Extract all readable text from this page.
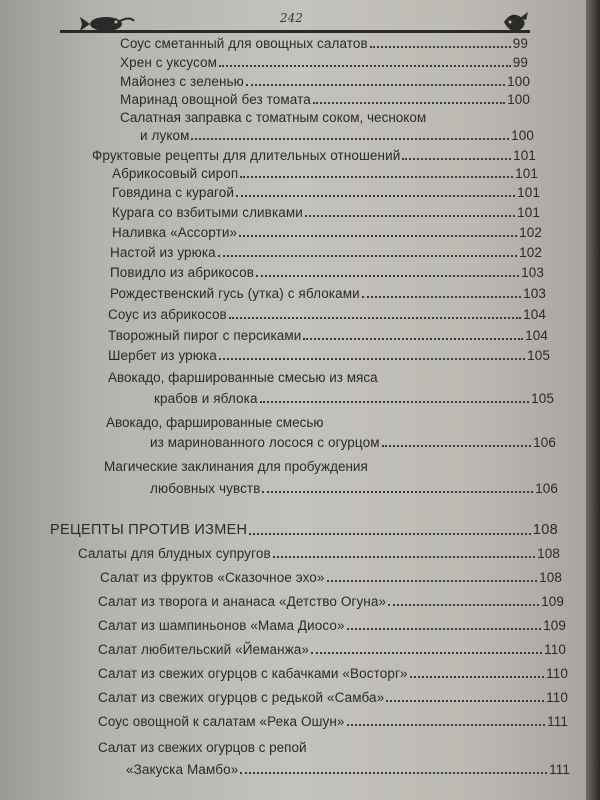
242
Соус сметанный для овощных салатов	99
Хрен с уксусом	99
Майонез с зеленью	100
Маринад овощной без томата	100
Салатная заправка с томатным соком, чесноком
и луком	100
Фруктовые рецепты для длительных отношений	101
Абрикосовый сироп	101
Говядина с курагой	101
Курага со взбитыми сливками	101
Наливка «Ассорти»	102
Настой из урюка	102
Повидло из абрикосов	103
Рождественский гусь (утка) с яблоками	103
Соус из абрикосов	104
Творожный пирог с персиками	104
Шербет из урюка	105
Авокадо, фаршированные смесью из мяса
крабов и яблока	105
Авокадо, фаршированные смесью
из маринованного лосося с огурцом	106
Магические заклинания для пробуждения
любовных чувств	106
РЕЦЕПТЫ ПРОТИВ ИЗМЕН	108
Салаты для блудных супругов	108
Салат из фруктов «Сказочное эхо»	108
Салат из творога и ананаса «Детство Огуна»	109
Салат из шампиньонов «Мама Диосо»	109
Салат любительский «Йеманжа»	110
Салат из свежих огурцов с кабачками «Восторг»	110
Салат из свежих огурцов с редькой «Самба»	110
Соус овощной к салатам «Река Ошун»	111
Салат из свежих огурцов с репой
«Закуска Мамбо»	111
